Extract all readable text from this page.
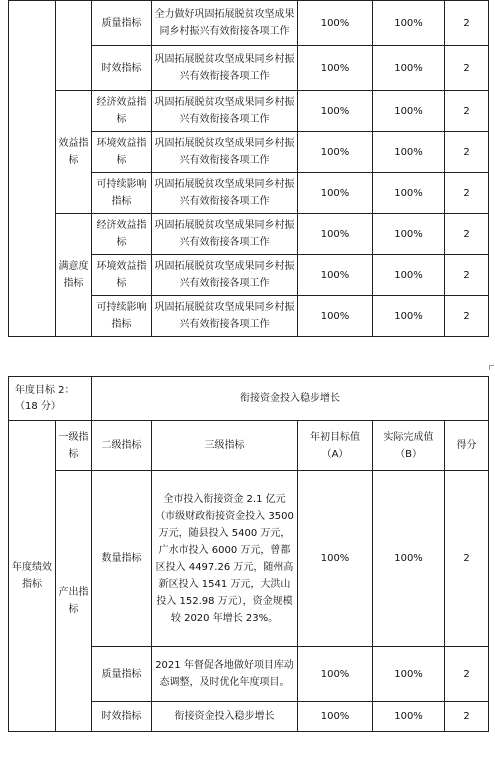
		质量指标	全力做好巩固拓展脱贫攻坚成果同乡村振兴有效衔接各项工作	100%	100%	2
		时效指标	巩固拓展脱贫攻坚成果同乡村振兴有效衔接各项工作	100%	100%	2
	效益指标	经济效益指标	巩固拓展脱贫攻坚成果同乡村振兴有效衔接各项工作	100%	100%	2
		环境效益指标	巩固拓展脱贫攻坚成果同乡村振兴有效衔接各项工作	100%	100%	2
		可持续影响指标	巩固拓展脱贫攻坚成果同乡村振兴有效衔接各项工作	100%	100%	2
	满意度指标	经济效益指标	巩固拓展脱贫攻坚成果同乡村振兴有效衔接各项工作	100%	100%	2
		环境效益指标	巩固拓展脱贫攻坚成果同乡村振兴有效衔接各项工作	100%	100%	2
		可持续影响指标	巩固拓展脱贫攻坚成果同乡村振兴有效衔接各项工作	100%	100%	2
年度目标 2：（18 分）		衔接资金投入稳步增长				
年度绩效指标	一级指标	二级指标	三级指标	年初目标值（A）	实际完成值（B）	得分
	产出指标	数量指标	全市投入衔接资金 2.1 亿元（市级财政衔接资金投入 3500 万元，随县投入 5400 万元，广水市投入 6000 万元，曾都区投入 4497.26 万元，随州高新区投入 1541 万元，大洪山投入 152.98 万元），资金规模较 2020 年增长 23%。	100%	100%	2
		质量指标	2021 年督促各地做好项目库动态调整，及时优化年度项目。	100%	100%	2
		时效指标	衔接资金投入稳步增长	100%	100%	2
